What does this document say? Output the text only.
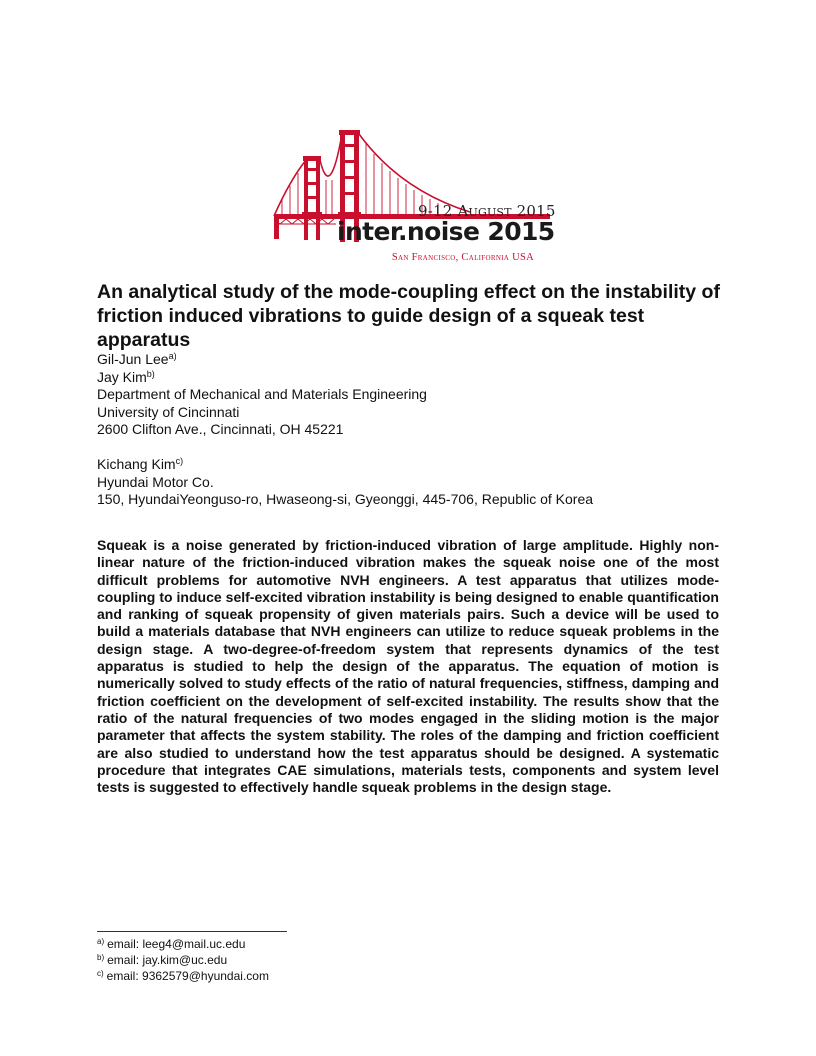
9-12 August 2015
inter.noise 2015
San Francisco, California USA
An analytical study of the mode-coupling effect on the instability of friction induced vibrations to guide design of a squeak test apparatus
Gil-Jun Lee$^{a)}$
Jay Kim$^{b)}$
Department of Mechanical and Materials Engineering
University of Cincinnati
2600 Clifton Ave., Cincinnati, OH 45221
Kichang Kim$^{c)}$
Hyundai Motor Co.
150, HyundaiYeonguso-ro, Hwaseong-si, Gyeonggi, 445-706, Republic of Korea

Squeak is a noise generated by friction-induced vibration of large amplitude. Highly non-linear nature of the friction-induced vibration makes the squeak noise one of the most difficult problems for automotive NVH engineers. A test apparatus that utilizes mode-coupling to induce self-excited vibration instability is being designed to enable quantification and ranking of squeak propensity of given materials pairs. Such a device will be used to build a materials database that NVH engineers can utilize to reduce squeak problems in the design stage. A two-degree-of-freedom system that represents dynamics of the test apparatus is studied to help the design of the apparatus. The equation of motion is numerically solved to study effects of the ratio of natural frequencies, stiffness, damping and friction coefficient on the development of self-excited instability. The results show that the ratio of the natural frequencies of two modes engaged in the sliding motion is the major parameter that affects the system stability. The roles of the damping and friction coefficient are also studied to understand how the test apparatus should be designed. A systematic procedure that integrates CAE simulations, materials tests, components and system level tests is suggested to effectively handle squeak problems in the design stage.

$^{a)}$ email: leeg4@mail.uc.edu
$^{b)}$ email: jay.kim@uc.edu
$^{c)}$ email: 9362579@hyundai.com
